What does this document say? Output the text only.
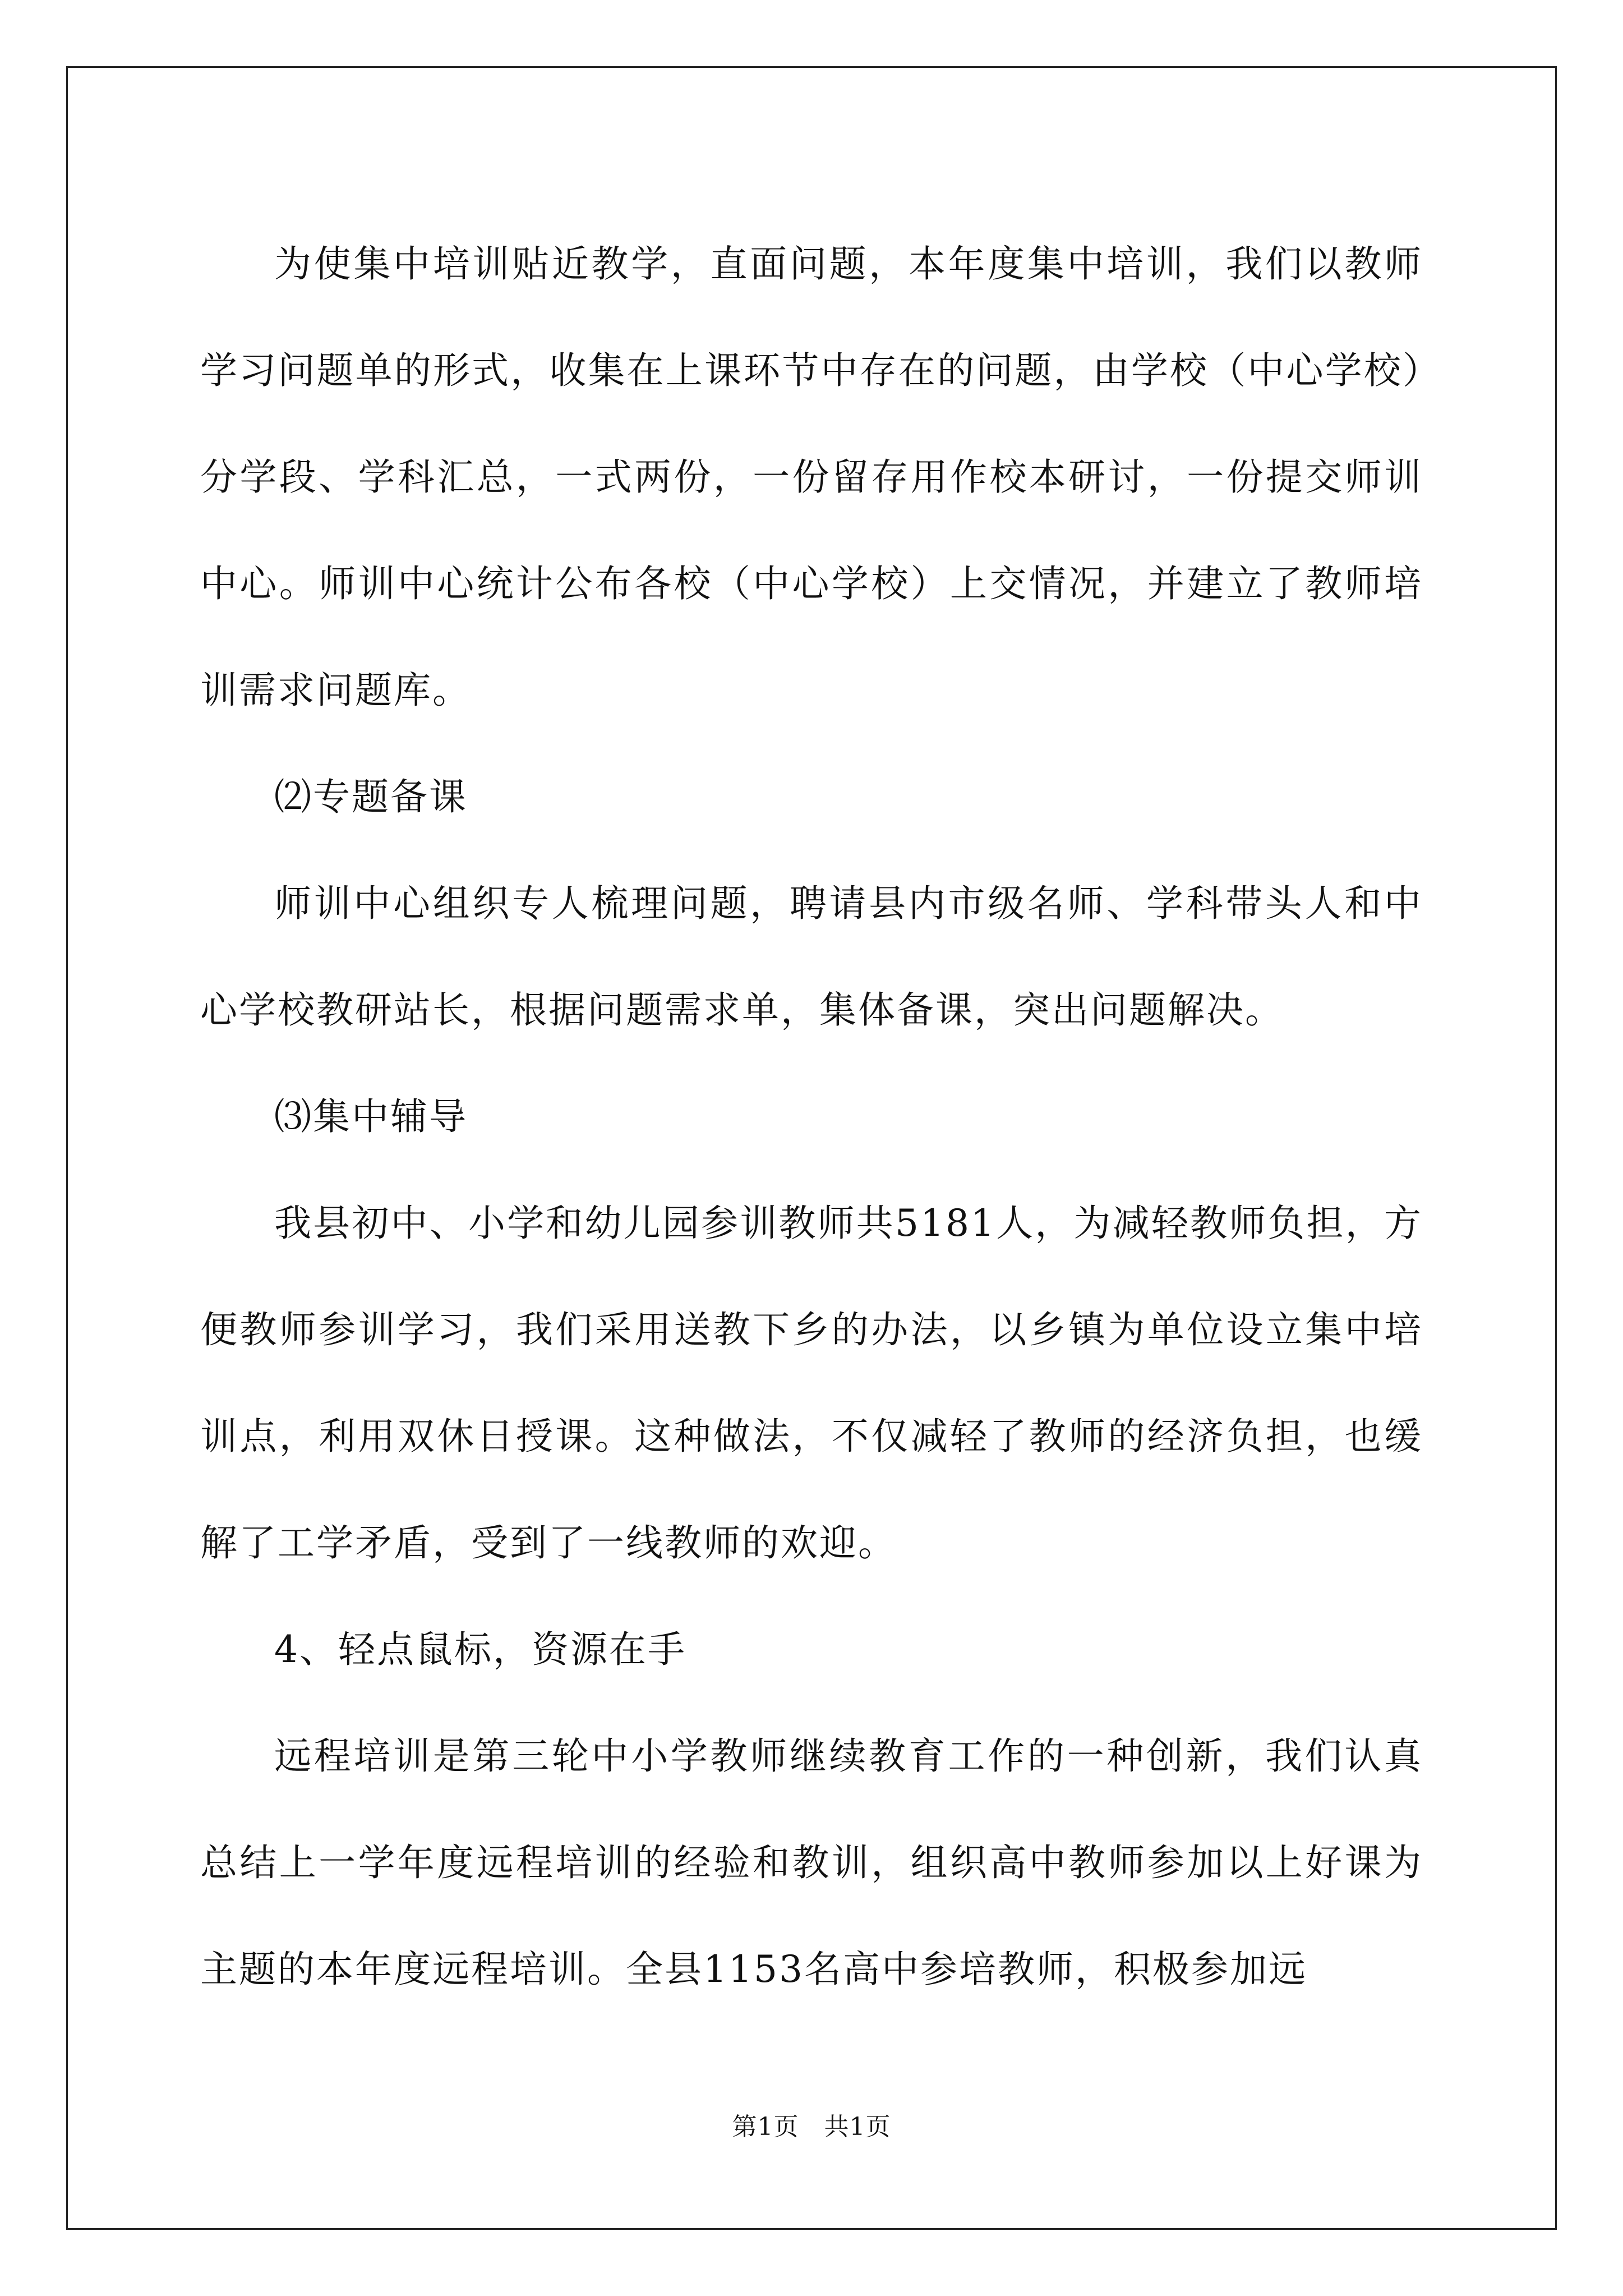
为使集中培训贴近教学，直面问题，本年度集中培训，我们以教师学习问题单的形式，收集在上课环节中存在的问题，由学校（中心学校）分学段、学科汇总，一式两份，一份留存用作校本研讨，一份提交师训中心。师训中心统计公布各校（中心学校）上交情况，并建立了教师培训需求问题库。

⑵专题备课

师训中心组织专人梳理问题，聘请县内市级名师、学科带头人和中心学校教研站长，根据问题需求单，集体备课，突出问题解决。

⑶集中辅导

我县初中、小学和幼儿园参训教师共5181人，为减轻教师负担，方便教师参训学习，我们采用送教下乡的办法，以乡镇为单位设立集中培训点，利用双休日授课。这种做法，不仅减轻了教师的经济负担，也缓解了工学矛盾，受到了一线教师的欢迎。

4、轻点鼠标，资源在手

远程培训是第三轮中小学教师继续教育工作的一种创新，我们认真总结上一学年度远程培训的经验和教训，组织高中教师参加以上好课为主题的本年度远程培训。全县1153名高中参培教师，积极参加远

第1页   共1页
